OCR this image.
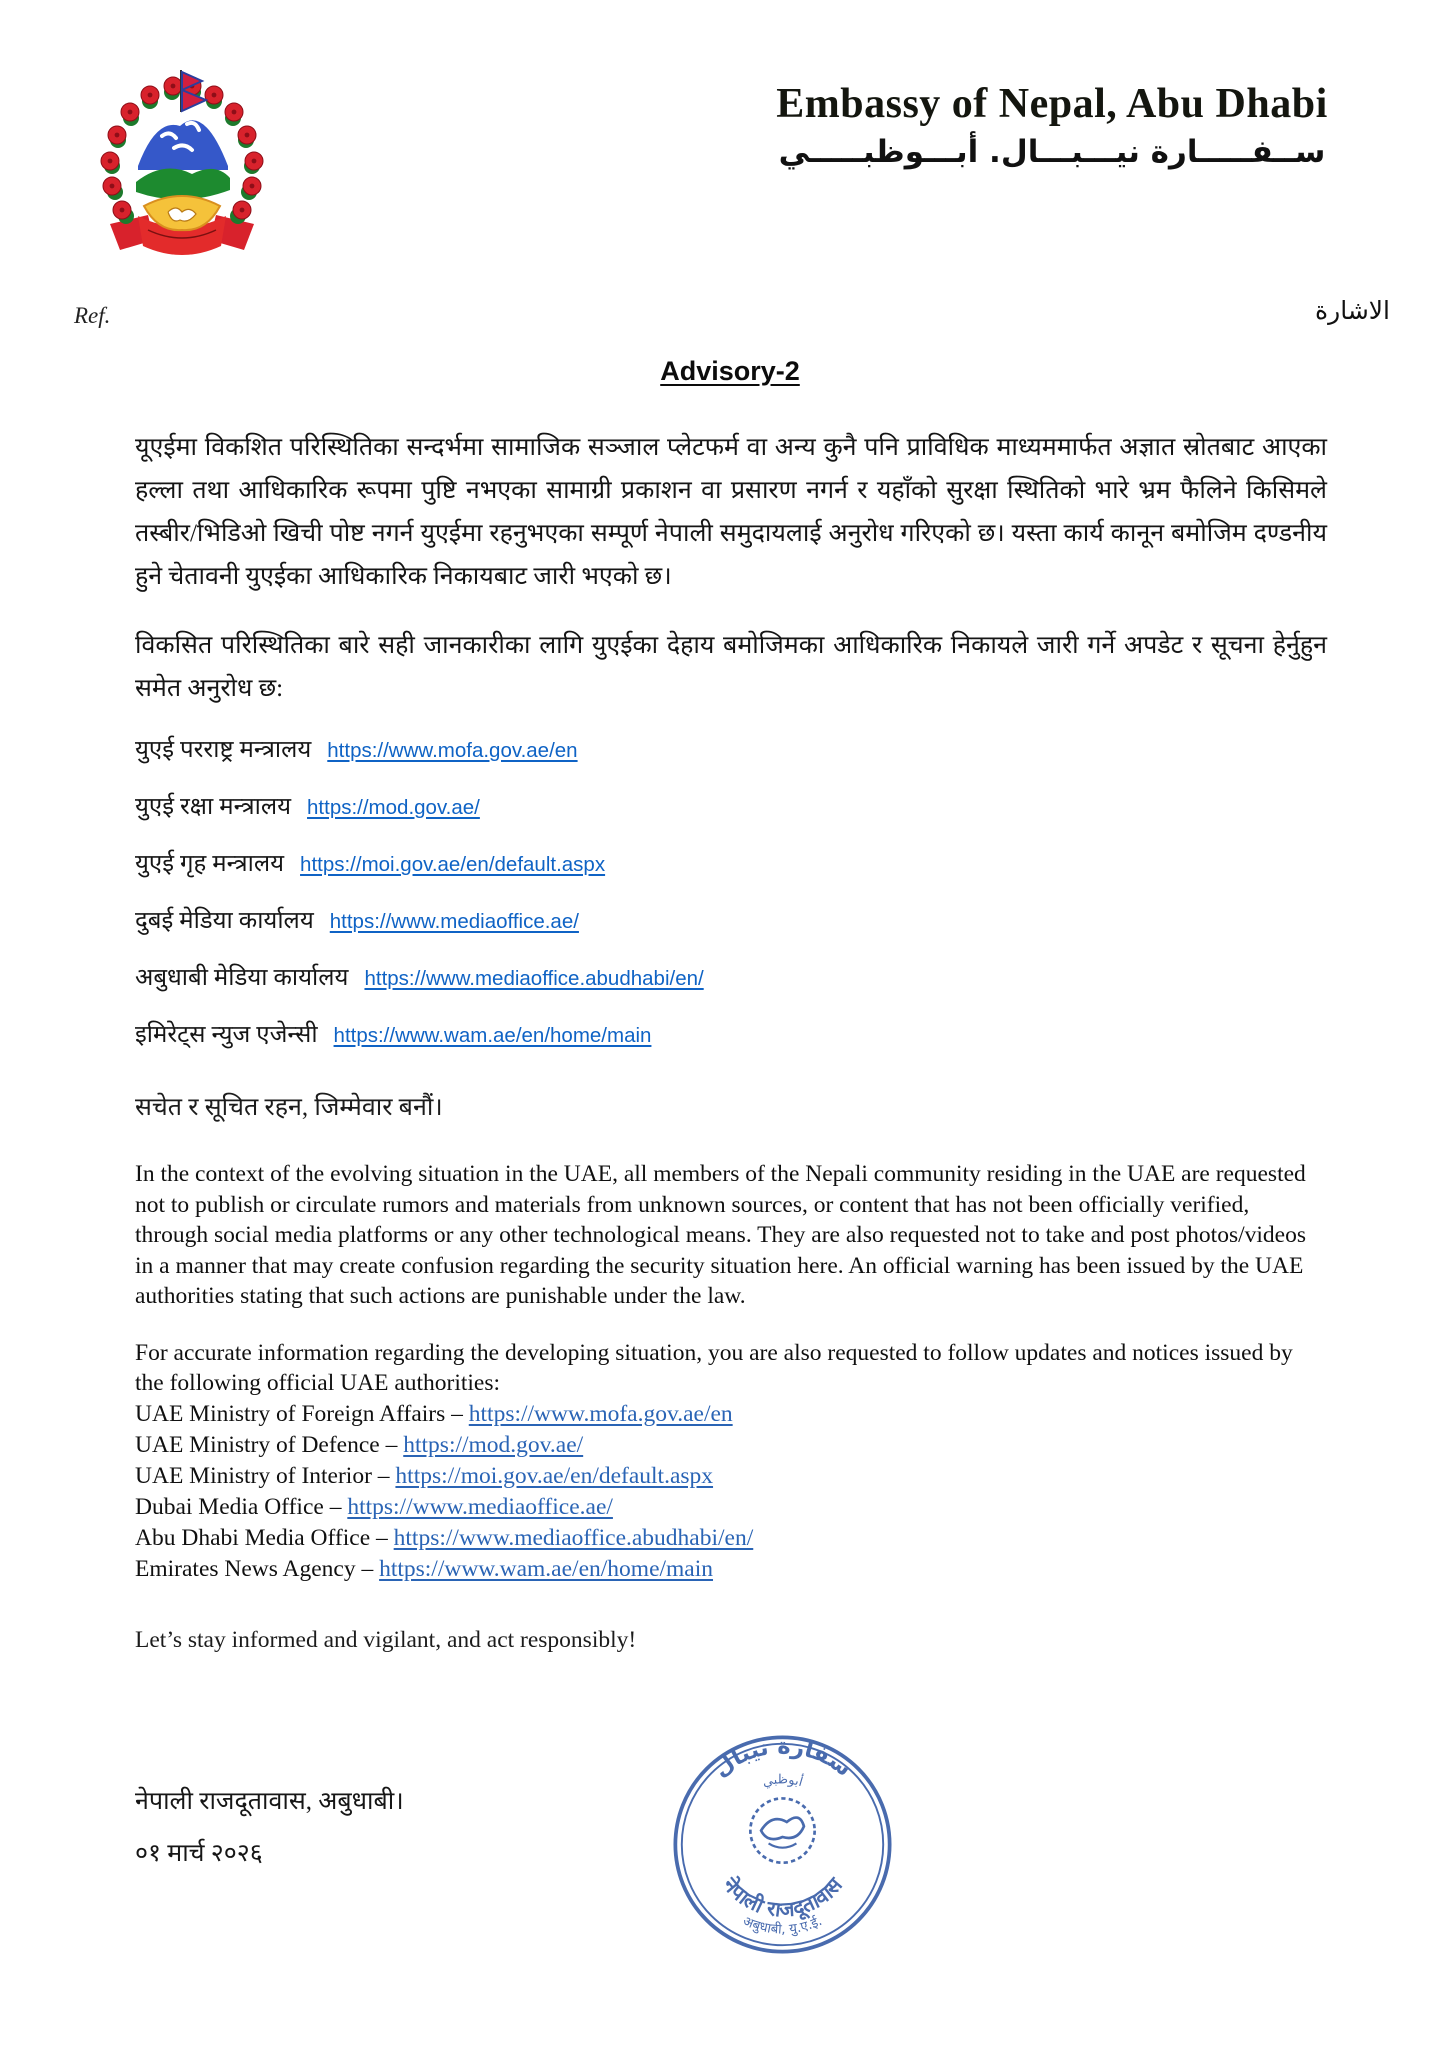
Embassy of Nepal, Abu Dhabi
ســفـــــارة نيـــبـــال. أبـــوظبـــــي
Ref.	الاشارة
Advisory-2

यूएईमा विकशित परिस्थितिका सन्दर्भमा सामाजिक सञ्जाल प्लेटफर्म वा अन्य कुनै पनि प्राविधिक माध्यममार्फत अज्ञात स्रोतबाट आएका हल्ला तथा आधिकारिक रूपमा पुष्टि नभएका सामाग्री प्रकाशन वा प्रसारण नगर्न र यहाँको सुरक्षा स्थितिको भारे भ्रम फैलिने किसिमले तस्बीर/भिडिओ खिची पोष्ट नगर्न युएईमा रहनुभएका सम्पूर्ण नेपाली समुदायलाई अनुरोध गरिएको छ। यस्ता कार्य कानून बमोजिम दण्डनीय हुने चेतावनी युएईका आधिकारिक निकायबाट जारी भएको छ।

विकसित परिस्थितिका बारे सही जानकारीका लागि युएईका देहाय बमोजिमका आधिकारिक निकायले जारी गर्ने अपडेट र सूचना हेर्नुहुन समेत अनुरोध छ:

युएई परराष्ट्र मन्त्रालय https://www.mofa.gov.ae/en
युएई रक्षा मन्त्रालय https://mod.gov.ae/
युएई गृह मन्त्रालय https://moi.gov.ae/en/default.aspx
दुबई मेडिया कार्यालय https://www.mediaoffice.ae/
अबुधाबी मेडिया कार्यालय https://www.mediaoffice.abudhabi/en/
इमिरेट्स न्युज एजेन्सी https://www.wam.ae/en/home/main

सचेत र सूचित रहन, जिम्मेवार बनौं।

In the context of the evolving situation in the UAE, all members of the Nepali community residing in the UAE are requested not to publish or circulate rumors and materials from unknown sources, or content that has not been officially verified, through social media platforms or any other technological means. They are also requested not to take and post photos/videos in a manner that may create confusion regarding the security situation here. An official warning has been issued by the UAE authorities stating that such actions are punishable under the law.

For accurate information regarding the developing situation, you are also requested to follow updates and notices issued by the following official UAE authorities:
UAE Ministry of Foreign Affairs – https://www.mofa.gov.ae/en
UAE Ministry of Defence – https://mod.gov.ae/
UAE Ministry of Interior – https://moi.gov.ae/en/default.aspx
Dubai Media Office – https://www.mediaoffice.ae/
Abu Dhabi Media Office – https://www.mediaoffice.abudhabi/en/
Emirates News Agency – https://www.wam.ae/en/home/main

Let’s stay informed and vigilant, and act responsibly!

नेपाली राजदूतावास, अबुधाबी।
०१ मार्च २०२६
سفارة نيبال
أبوظبي
नेपाली राजदूतावास
अबुधाबी, यु.ए.ई.
